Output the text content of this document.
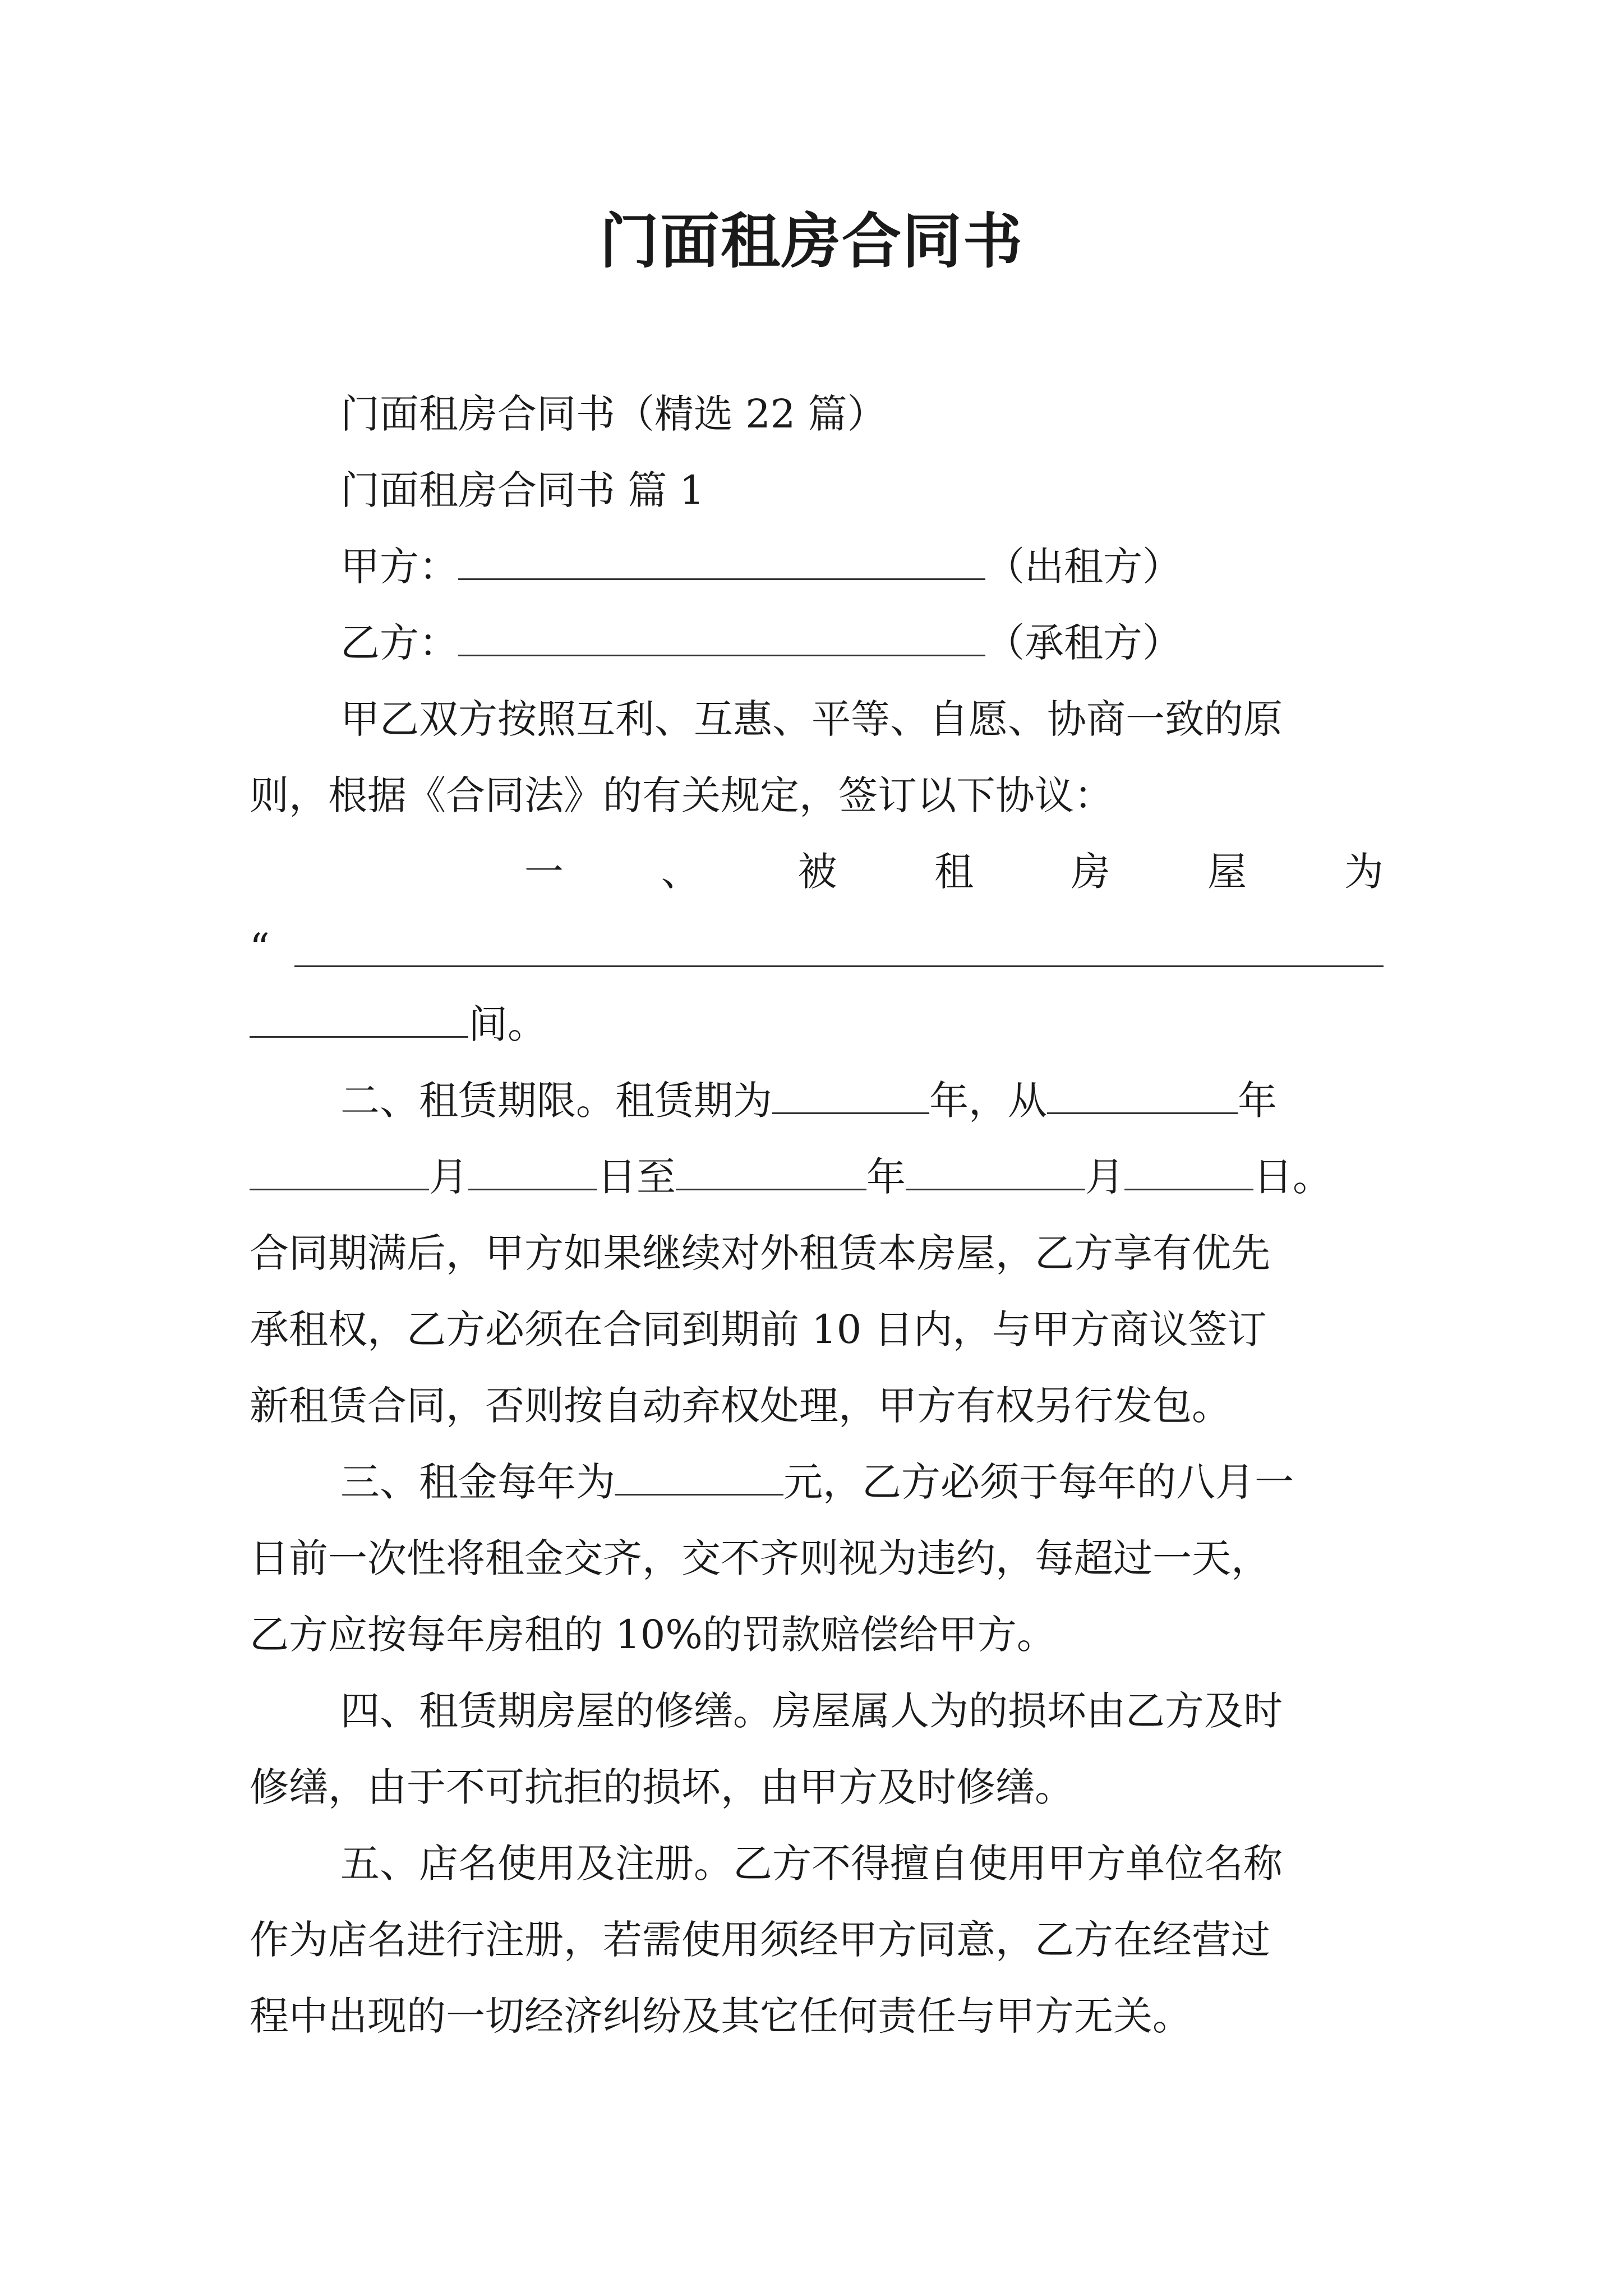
门面租房合同书
门面租房合同书（精选 22 篇）
门面租房合同书 篇 1
甲方：	（出租方）
乙方：	（承租方）
甲乙双方按照互利、互惠、平等、自愿、协商一致的原
则，根据《合同法》的有关规定，签订以下协议：
一 、 被 租 房 屋 为
“
间。
二、租赁期限。租赁期为	年，从	年
月	日至	年	月	日。
合同期满后，甲方如果继续对外租赁本房屋，乙方享有优先
承租权，乙方必须在合同到期前 10 日内，与甲方商议签订
新租赁合同，否则按自动弃权处理，甲方有权另行发包。
三、租金每年为	元，乙方必须于每年的八月一
日前一次性将租金交齐，交不齐则视为违约，每超过一天，
乙方应按每年房租的 10%的罚款赔偿给甲方。
四、租赁期房屋的修缮。房屋属人为的损坏由乙方及时
修缮，由于不可抗拒的损坏，由甲方及时修缮。
五、店名使用及注册。乙方不得擅自使用甲方单位名称
作为店名进行注册，若需使用须经甲方同意，乙方在经营过
程中出现的一切经济纠纷及其它任何责任与甲方无关。
